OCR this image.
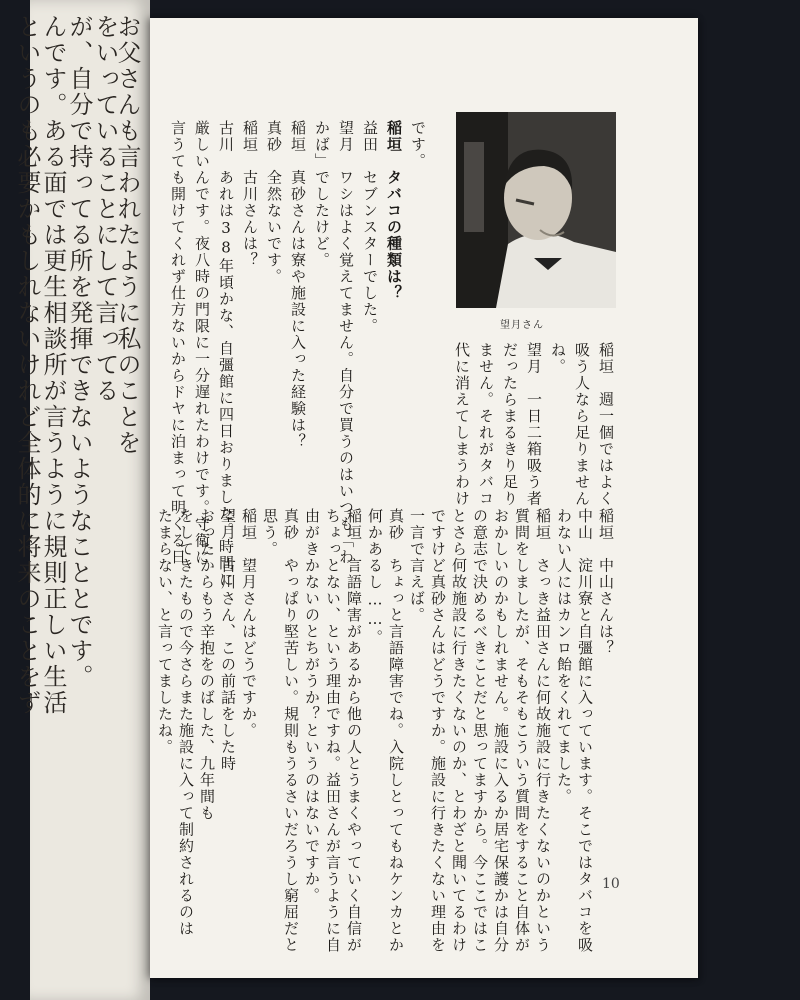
お父さんも言われたように私のことを
をいっていることにして言ってる
が、自分で持ってる所を発揮できないようなこととです。
んです。ある面では更生相談所が言うように規則正しい生活
というのも必要かもしれないけれど全体的に将来のことをず	望月さん
です。
稲垣　タバコの種類は？
益田　セブンスターでした。
望月　ワシはよく覚えてません。自分で買うのはいつも「わ
かば」でしたけど。
稲垣　真砂さんは寮や施設に入った経験は？
真砂　全然ないです。
稲垣　古川さんは？
古川　あれは38年頃かな、自彊館に四日おりました。時間に
厳しいんです。夜八時の門限に一分遅れたわけです。守衛に
言うても開けてくれず仕方ないからドヤに泊まって明くる日	稲垣　週一個ではよく
吸う人なら足りません
ね。
望月　一日二箱吸う者
だったらまるきり足り
ません。それがタバコ
代に消えてしまうわけ
稲垣　中山さんは？
中山　淀川寮と自彊館に入っています。そこではタバコを吸
わない人にはカンロ飴をくれてました。
稲垣　さっき益田さんに何故施設に行きたくないのかという
質問をしましたが、そもそもこういう質問をすること自体が
おかしいのかもしれません。施設に入るか居宅保護かは自分
の意志で決めるべきことだと思ってますから。今ここではこ
とさら何故施設に行きたくないのか、とわざと聞いてるわけ
ですけど真砂さんはどうですか。施設に行きたくない理由を
一言で言えば。
真砂　ちょっと言語障害でね。入院しとってもねケンカとか
何かあるし……。
稲垣　言語障害があるから他の人とうまくやっていく自信が
ちょっとない、という理由ですね。益田さんが言うように自
由がきかないのとちがうか？というのはないですか。
真砂　やっぱり堅苦しい。規則もうるさいだろうし窮屈だと
思う。
稲垣　望月さんはどうですか。
望月　古川さん、この前話をした時
おったからもう辛抱をのばした、九年間も
をしてきたもので今さらまた施設に入って制約されるのは
たまらない、と言ってましたね。
10
